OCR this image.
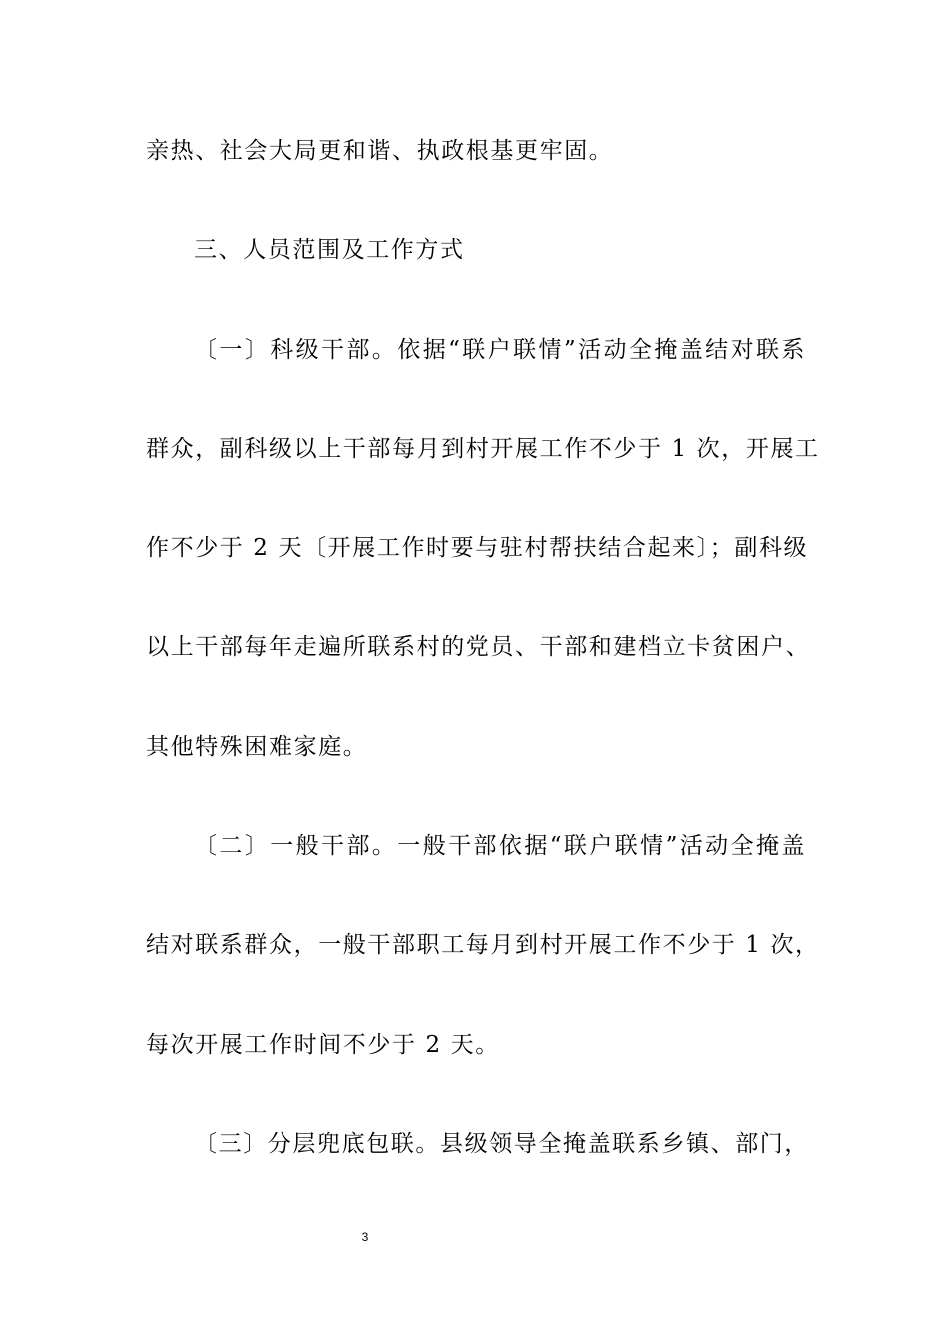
亲热、社会大局更和谐、执政根基更牢固。
三、人员范围及工作方式
〔一〕科级干部。依据“联户联情”活动全掩盖结对联系
群众，副科级以上干部每月到村开展工作不少于 1 次，开展工
作不少于 2 天〔开展工作时要与驻村帮扶结合起来〕；副科级
以上干部每年走遍所联系村的党员、干部和建档立卡贫困户、
其他特殊困难家庭。
〔二〕一般干部。一般干部依据“联户联情”活动全掩盖
结对联系群众，一般干部职工每月到村开展工作不少于 1 次，
每次开展工作时间不少于 2 天。
〔三〕分层兜底包联。县级领导全掩盖联系乡镇、部门，
3
